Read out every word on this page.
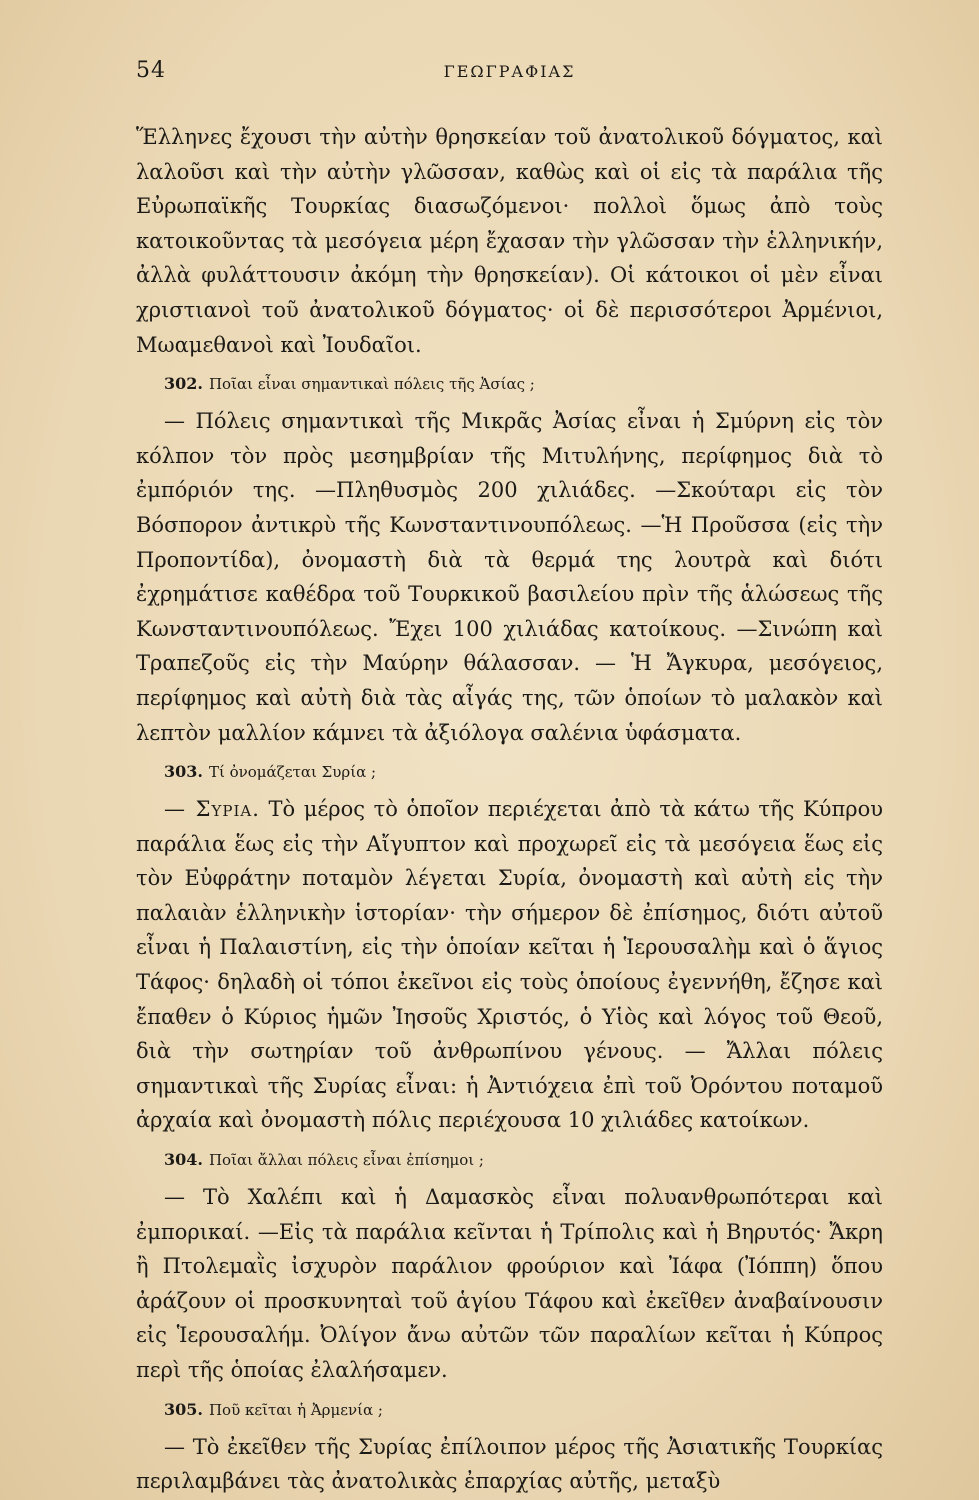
54	ΓΕΩΓΡΑΦΙΑΣ

Ἕλληνες ἔχουσι τὴν αὐτὴν θρησκείαν τοῦ ἀνατολικοῦ δόγματος, καὶ λαλοῦσι καὶ τὴν αὐτὴν γλῶσσαν, καθὼς καὶ οἱ εἰς τὰ παράλια τῆς Εὐρωπαϊκῆς Τουρκίας διασωζόμενοι· πολλοὶ ὅμως ἀπὸ τοὺς κατοικοῦντας τὰ μεσόγεια μέρη ἔχασαν τὴν γλῶσσαν τὴν ἑλληνικήν, ἀλλὰ φυλάττουσιν ἀκόμη τὴν θρησκείαν). Οἱ κάτοικοι οἱ μὲν εἶναι χριστιανοὶ τοῦ ἀνατολικοῦ δόγματος· οἱ δὲ περισσότεροι Ἀρμένιοι, Μωαμεθανοὶ καὶ Ἰουδαῖοι.

302. Ποῖαι εἶναι σημαντικαὶ πόλεις τῆς Ἀσίας ;

— Πόλεις σημαντικαὶ τῆς Μικρᾶς Ἀσίας εἶναι ἡ Σμύρνη εἰς τὸν κόλπον τὸν πρὸς μεσημβρίαν τῆς Μιτυλήνης, περίφημος διὰ τὸ ἐμπόριόν της. —Πληθυσμὸς 200 χιλιάδες. —Σκούταρι εἰς τὸν Βόσπορον ἀντικρὺ τῆς Κωνσταντινουπόλεως. —Ἡ Προῦσσα (εἰς τὴν Προποντίδα), ὀνομαστὴ διὰ τὰ θερμά της λουτρὰ καὶ διότι ἐχρημάτισε καθέδρα τοῦ Τουρκικοῦ βασιλείου πρὶν τῆς ἁλώσεως τῆς Κωνσταντινουπόλεως. Ἔχει 100 χιλιάδας κατοίκους. —Σινώπη καὶ Τραπεζοῦς εἰς τὴν Μαύρην θάλασσαν. — Ἡ Ἄγκυρα, μεσόγειος, περίφημος καὶ αὐτὴ διὰ τὰς αἶγάς της, τῶν ὁποίων τὸ μαλακὸν καὶ λεπτὸν μαλλίον κάμνει τὰ ἀξιόλογα σαλένια ὑφάσματα.

303. Τί ὀνομάζεται Συρία ;

— Συρια. Τὸ μέρος τὸ ὁποῖον περιέχεται ἀπὸ τὰ κάτω τῆς Κύπρου παράλια ἕως εἰς τὴν Αἴγυπτον καὶ προχωρεῖ εἰς τὰ μεσόγεια ἕως εἰς τὸν Εὐφράτην ποταμὸν λέγεται Συρία, ὀνομαστὴ καὶ αὐτὴ εἰς τὴν παλαιὰν ἑλληνικὴν ἱστορίαν· τὴν σήμερον δὲ ἐπίσημος, διότι αὐτοῦ εἶναι ἡ Παλαιστίνη, εἰς τὴν ὁποίαν κεῖται ἡ Ἱερουσαλὴμ καὶ ὁ ἅγιος Τάφος· δηλαδὴ οἱ τόποι ἐκεῖνοι εἰς τοὺς ὁποίους ἐγεννήθη, ἔζησε καὶ ἔπαθεν ὁ Κύριος ἡμῶν Ἰησοῦς Χριστός, ὁ Υἱὸς καὶ λόγος τοῦ Θεοῦ, διὰ τὴν σωτηρίαν τοῦ ἀνθρωπίνου γένους. — Ἄλλαι πόλεις σημαντικαὶ τῆς Συρίας εἶναι: ἡ Ἀντιόχεια ἐπὶ τοῦ Ὀρόντου ποταμοῦ ἀρχαία καὶ ὀνομαστὴ πόλις περιέχουσα 10 χιλιάδες κατοίκων.

304. Ποῖαι ἄλλαι πόλεις εἶναι ἐπίσημοι ;

— Τὸ Χαλέπι καὶ ἡ Δαμασκὸς εἶναι πολυανθρωπότεραι καὶ ἐμπορικαί. —Εἰς τὰ παράλια κεῖνται ἡ Τρίπολις καὶ ἡ Βηρυτός· Ἄκρη ἢ Πτολεμαῒς ἰσχυρὸν παράλιον φρούριον καὶ Ἰάφα (Ἰόππη) ὅπου ἀράζουν οἱ προσκυνηταὶ τοῦ ἁγίου Τάφου καὶ ἐκεῖθεν ἀναβαίνουσιν εἰς Ἱερουσαλήμ. Ὀλίγον ἄνω αὐτῶν τῶν παραλίων κεῖται ἡ Κύπρος περὶ τῆς ὁποίας ἐλαλήσαμεν.

305. Ποῦ κεῖται ἡ Ἀρμενία ;

— Τὸ ἐκεῖθεν τῆς Συρίας ἐπίλοιπον μέρος τῆς Ἀσιατικῆς Τουρκίας περιλαμβάνει τὰς ἀνατολικὰς ἐπαρχίας αὐτῆς, μεταξὺ
